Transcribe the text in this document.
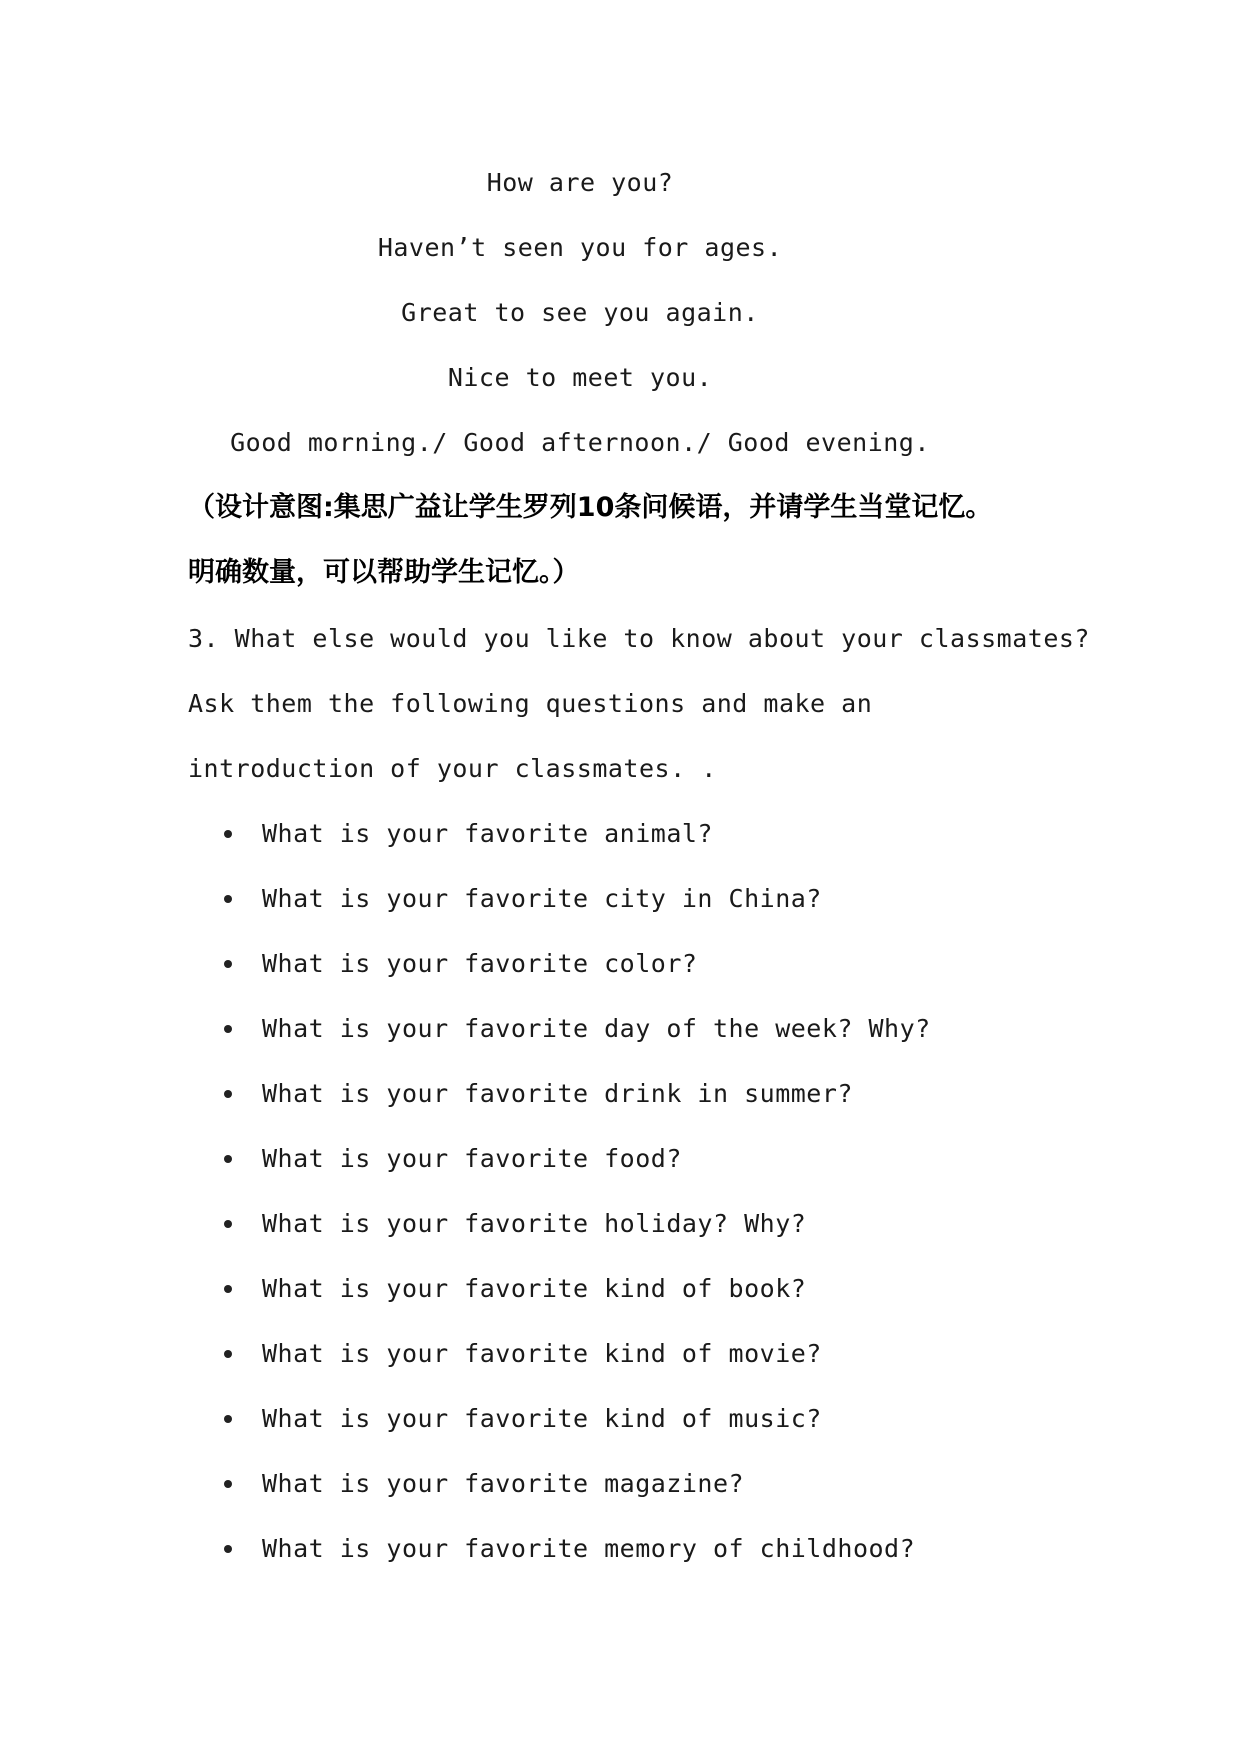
How are you?
Haven’t seen you for ages.
Great to see you again.
Nice to meet you.
Good morning./ Good afternoon./ Good evening.
（设计意图:集思广益让学生罗列10条问候语，并请学生当堂记忆。
明确数量，可以帮助学生记忆。）
3. What else would you like to know about your classmates?
Ask them the following questions and make an
introduction of your classmates. .
What is your favorite animal?
What is your favorite city in China?
What is your favorite color?
What is your favorite day of the week? Why?
What is your favorite drink in summer?
What is your favorite food?
What is your favorite holiday? Why?
What is your favorite kind of book?
What is your favorite kind of movie?
What is your favorite kind of music?
What is your favorite magazine?
What is your favorite memory of childhood?
